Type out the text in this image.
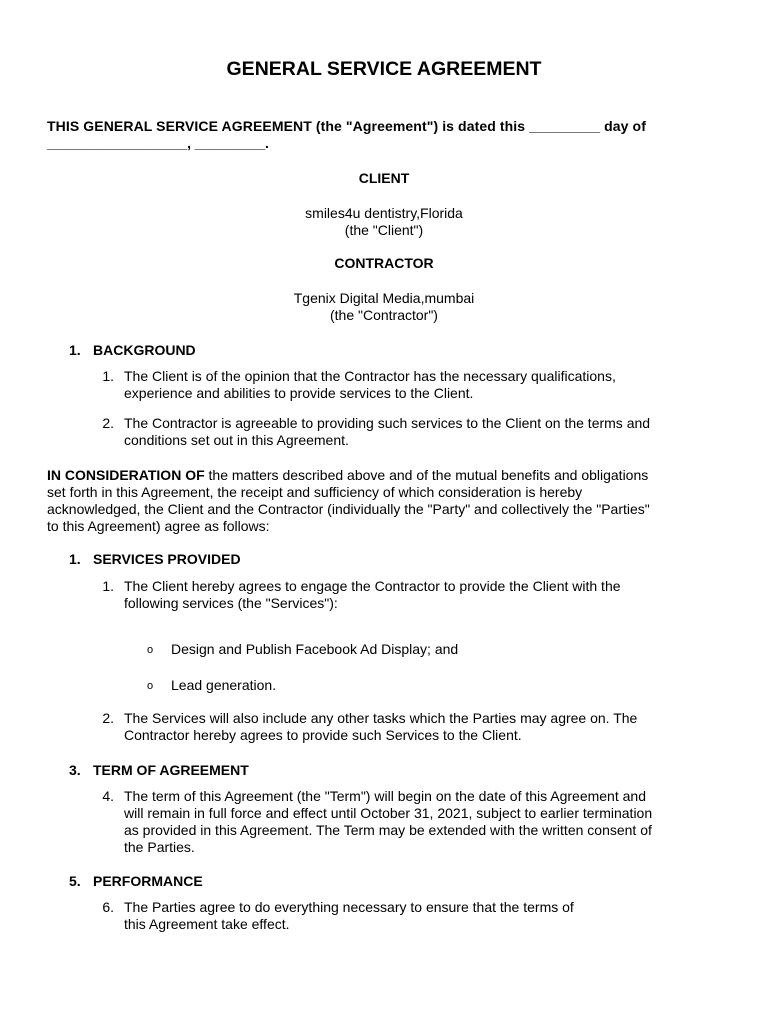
GENERAL SERVICE AGREEMENT
THIS GENERAL SERVICE AGREEMENT (the "Agreement") is dated this _________ day of
__________________, _________.
CLIENT
smiles4u dentistry,Florida
(the "Client")
CONTRACTOR
Tgenix Digital Media,mumbai
(the "Contractor")
1. BACKGROUND
1. The Client is of the opinion that the Contractor has the necessary qualifications,
experience and abilities to provide services to the Client.
2. The Contractor is agreeable to providing such services to the Client on the terms and
conditions set out in this Agreement.
IN CONSIDERATION OF the matters described above and of the mutual benefits and obligations
set forth in this Agreement, the receipt and sufficiency of which consideration is hereby
acknowledged, the Client and the Contractor (individually the "Party" and collectively the "Parties"
to this Agreement) agree as follows:
1. SERVICES PROVIDED
1. The Client hereby agrees to engage the Contractor to provide the Client with the
following services (the "Services"):
o Design and Publish Facebook Ad Display; and
o Lead generation.
2. The Services will also include any other tasks which the Parties may agree on. The
Contractor hereby agrees to provide such Services to the Client.
3. TERM OF AGREEMENT
4. The term of this Agreement (the "Term") will begin on the date of this Agreement and
will remain in full force and effect until October 31, 2021, subject to earlier termination
as provided in this Agreement. The Term may be extended with the written consent of
the Parties.
5. PERFORMANCE
6. The Parties agree to do everything necessary to ensure that the terms of
this Agreement take effect.
